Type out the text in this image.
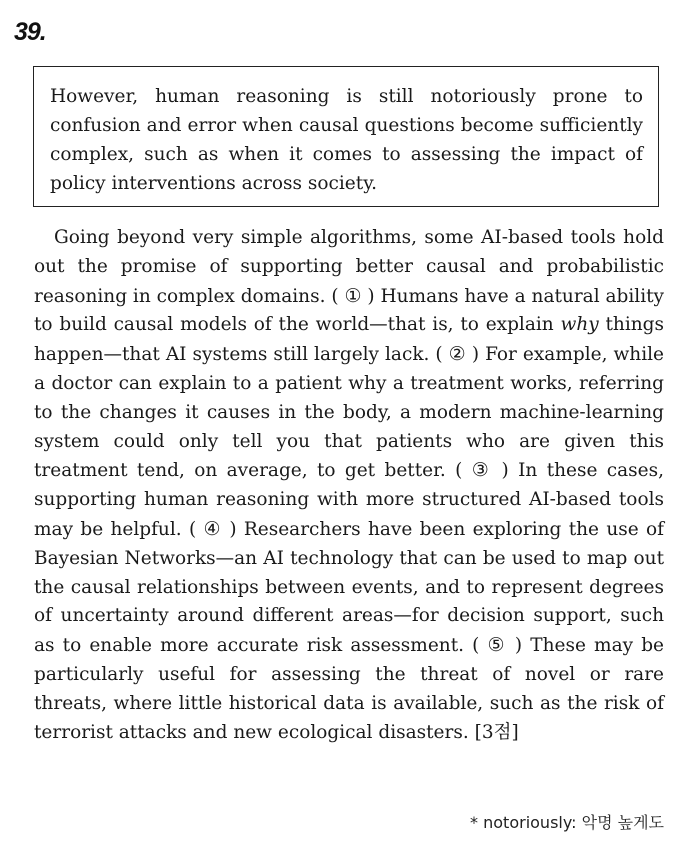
39.
However, human reasoning is still notoriously prone to confusion and error when causal questions become sufficiently complex, such as when it comes to assessing the impact of policy interventions across society.
Going beyond very simple algorithms, some AI-based tools hold out the promise of supporting better causal and probabilistic reasoning in complex domains. ( ① ) Humans have a natural ability to build causal models of the world—that is, to explain why things happen—that AI systems still largely lack. ( ② ) For example, while a doctor can explain to a patient why a treatment works, referring to the changes it causes in the body, a modern machine-learning system could only tell you that patients who are given this treatment tend, on average, to get better. ( ③ ) In these cases, supporting human reasoning with more structured AI-based tools may be helpful. ( ④ ) Researchers have been exploring the use of Bayesian Networks—an AI technology that can be used to map out the causal relationships between events, and to represent degrees of uncertainty around different areas—for decision support, such as to enable more accurate risk assessment. ( ⑤ ) These may be particularly useful for assessing the threat of novel or rare threats, where little historical data is available, such as the risk of terrorist attacks and new ecological disasters. [3점]
* notoriously: 악명 높게도
